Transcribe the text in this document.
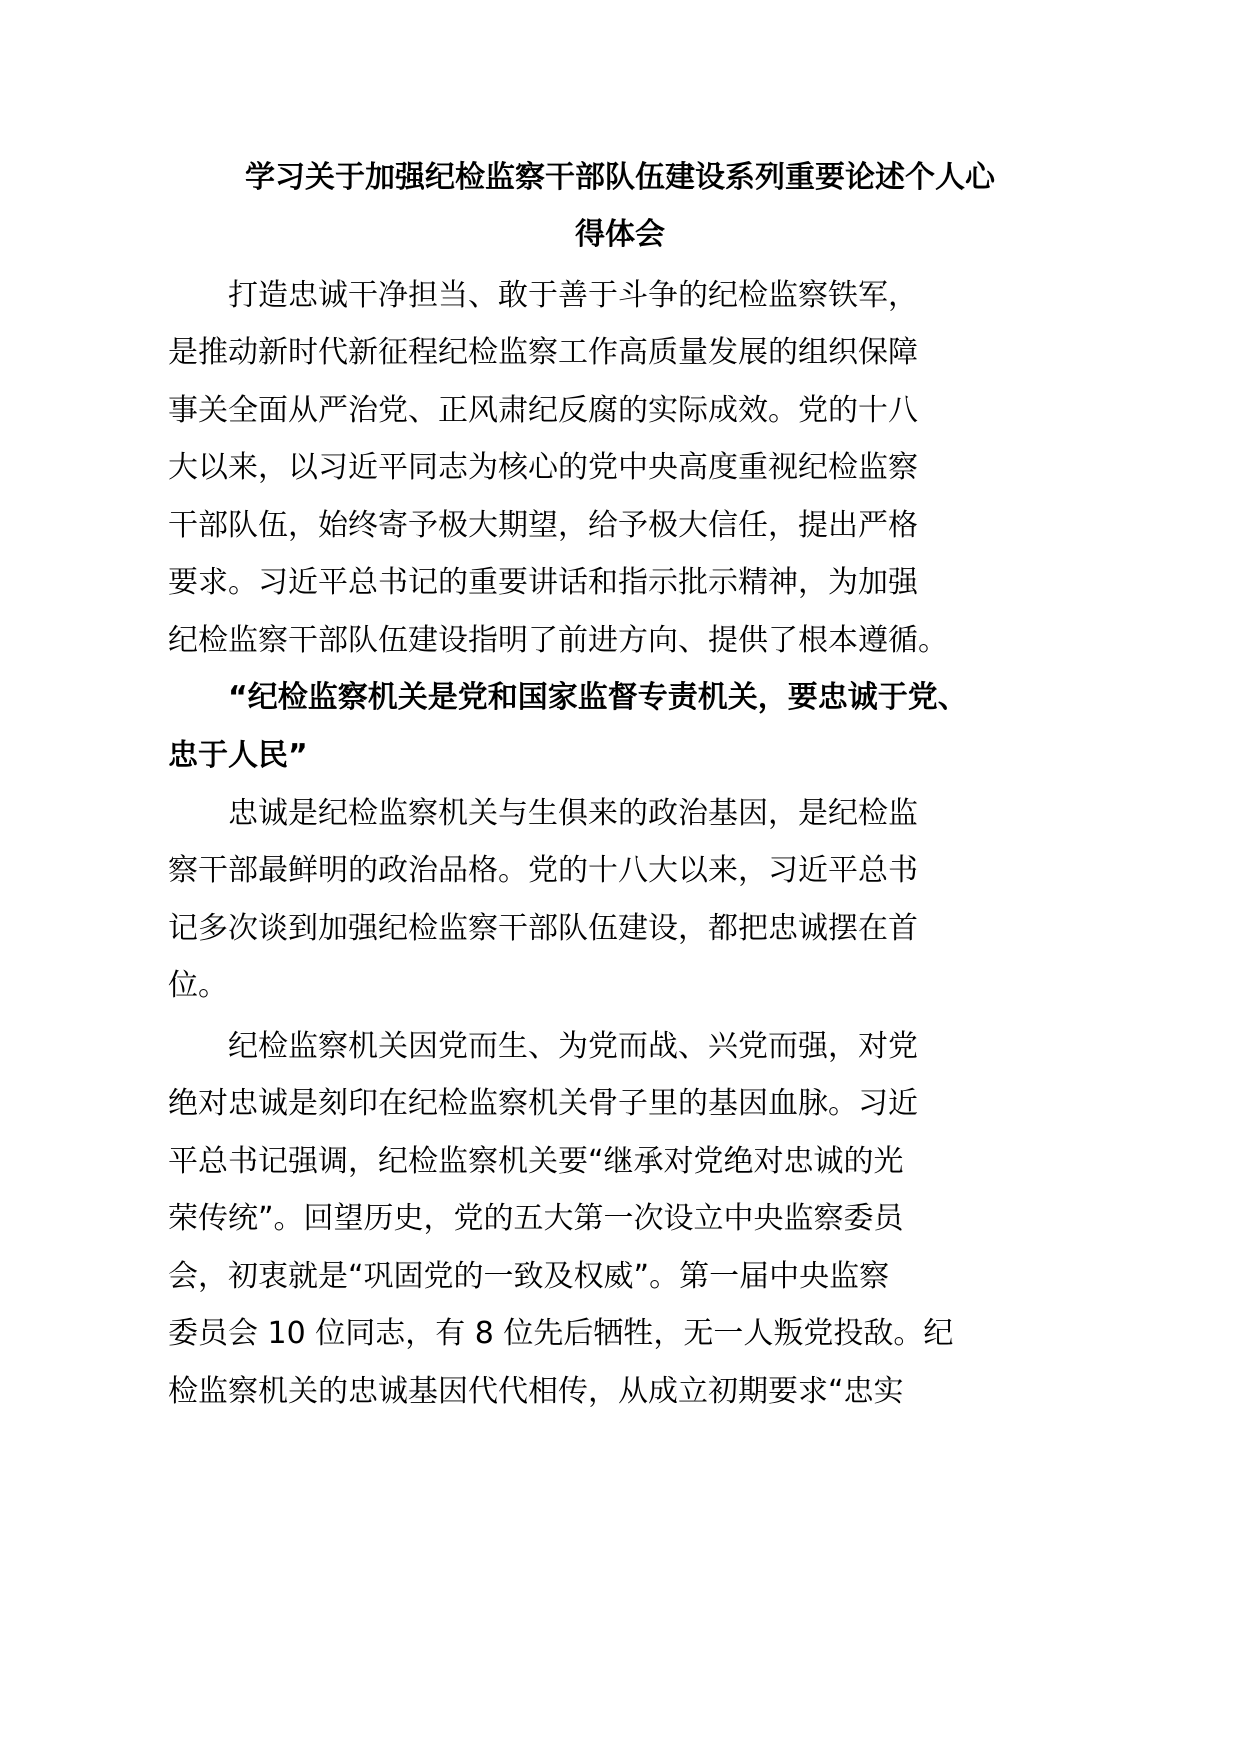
学习关于加强纪检监察干部队伍建设系列重要论述个人心
得体会
打造忠诚干净担当、敢于善于斗争的纪检监察铁军，
是推动新时代新征程纪检监察工作高质量发展的组织保障
事关全面从严治党、正风肃纪反腐的实际成效。党的十八
大以来，以习近平同志为核心的党中央高度重视纪检监察
干部队伍，始终寄予极大期望，给予极大信任，提出严格
要求。习近平总书记的重要讲话和指示批示精神，为加强
纪检监察干部队伍建设指明了前进方向、提供了根本遵循。
“纪检监察机关是党和国家监督专责机关，要忠诚于党、
忠于人民”
忠诚是纪检监察机关与生俱来的政治基因，是纪检监
察干部最鲜明的政治品格。党的十八大以来，习近平总书
记多次谈到加强纪检监察干部队伍建设，都把忠诚摆在首
位。
纪检监察机关因党而生、为党而战、兴党而强，对党
绝对忠诚是刻印在纪检监察机关骨子里的基因血脉。习近
平总书记强调，纪检监察机关要“继承对党绝对忠诚的光
荣传统”。回望历史，党的五大第一次设立中央监察委员
会，初衷就是“巩固党的一致及权威”。第一届中央监察
委员会 10 位同志，有 8 位先后牺牲，无一人叛党投敌。纪
检监察机关的忠诚基因代代相传，从成立初期要求“忠实
